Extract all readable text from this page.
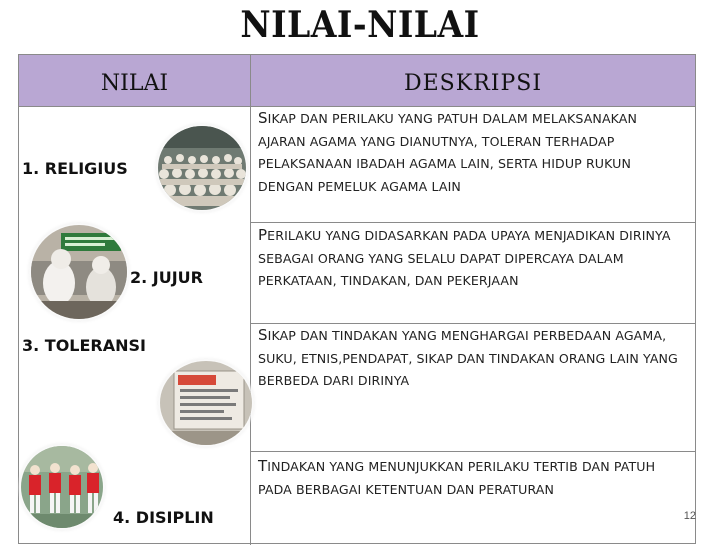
NILAI-NILAI
NILAI	DESKRIPSI
SIKAP DAN PERILAKU YANG PATUH DALAM MELAKSANAKAN AJARAN AGAMA YANG DIANUTNYA, TOLERAN TERHADAP PELAKSANAAN IBADAH AGAMA LAIN, SERTA HIDUP RUKUN DENGAN PEMELUK AGAMA LAIN
PERILAKU YANG DIDASARKAN PADA UPAYA MENJADIKAN DIRINYA SEBAGAI ORANG YANG SELALU DAPAT DIPERCAYA DALAM PERKATAAN, TINDAKAN, DAN PEKERJAAN
SIKAP DAN TINDAKAN YANG MENGHARGAI PERBEDAAN AGAMA, SUKU, ETNIS,PENDAPAT, SIKAP DAN TINDAKAN ORANG LAIN YANG BERBEDA DARI DIRINYA
TINDAKAN YANG MENUNJUKKAN PERILAKU TERTIB DAN PATUH PADA BERBAGAI KETENTUAN DAN PERATURAN
1. RELIGIUS
2. JUJUR
3. TOLERANSI
4. DISIPLIN	12
